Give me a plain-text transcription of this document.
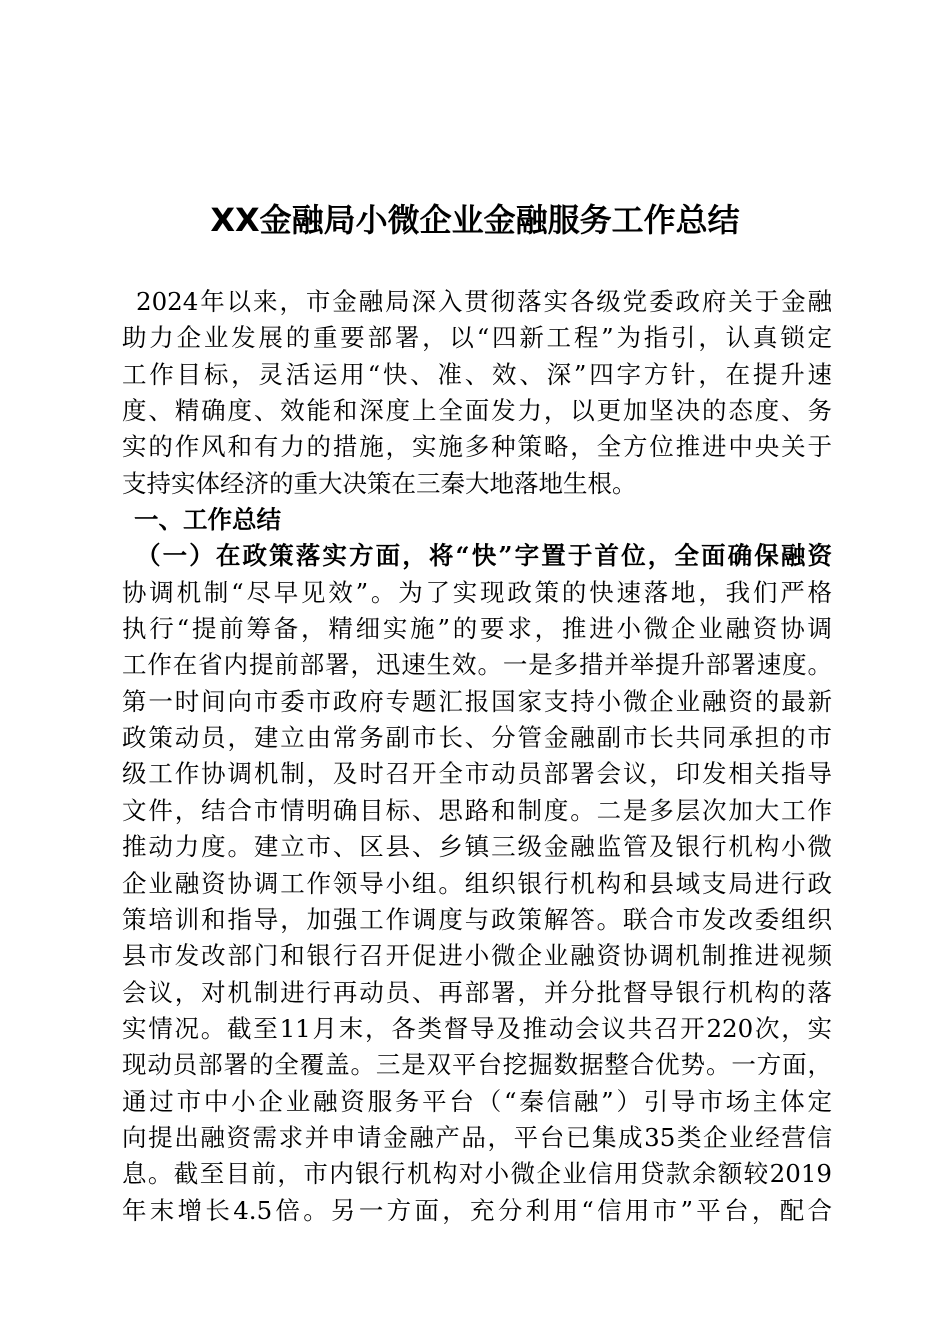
XX金融局小微企业金融服务工作总结
2024年以来，市金融局深入贯彻落实各级党委政府关于金融
助力企业发展的重要部署，以“四新工程”为指引，认真锁定
工作目标，灵活运用“快、准、效、深”四字方针，在提升速
度、精确度、效能和深度上全面发力，以更加坚决的态度、务
实的作风和有力的措施，实施多种策略，全方位推进中央关于
支持实体经济的重大决策在三秦大地落地生根。
一、工作总结
（一）在政策落实方面，将“快”字置于首位，全面确保融资
协调机制“尽早见效”。为了实现政策的快速落地，我们严格
执行“提前筹备，精细实施”的要求，推进小微企业融资协调
工作在省内提前部署，迅速生效。一是多措并举提升部署速度。
第一时间向市委市政府专题汇报国家支持小微企业融资的最新
政策动员，建立由常务副市长、分管金融副市长共同承担的市
级工作协调机制，及时召开全市动员部署会议，印发相关指导
文件，结合市情明确目标、思路和制度。二是多层次加大工作
推动力度。建立市、区县、乡镇三级金融监管及银行机构小微
企业融资协调工作领导小组。组织银行机构和县域支局进行政
策培训和指导，加强工作调度与政策解答。联合市发改委组织
县市发改部门和银行召开促进小微企业融资协调机制推进视频
会议，对机制进行再动员、再部署，并分批督导银行机构的落
实情况。截至11月末，各类督导及推动会议共召开220次，实
现动员部署的全覆盖。三是双平台挖掘数据整合优势。一方面，
通过市中小企业融资服务平台（“秦信融”）引导市场主体定
向提出融资需求并申请金融产品，平台已集成35类企业经营信
息。截至目前，市内银行机构对小微企业信用贷款余额较2019
年末增长4.5倍。另一方面，充分利用“信用市”平台，配合
